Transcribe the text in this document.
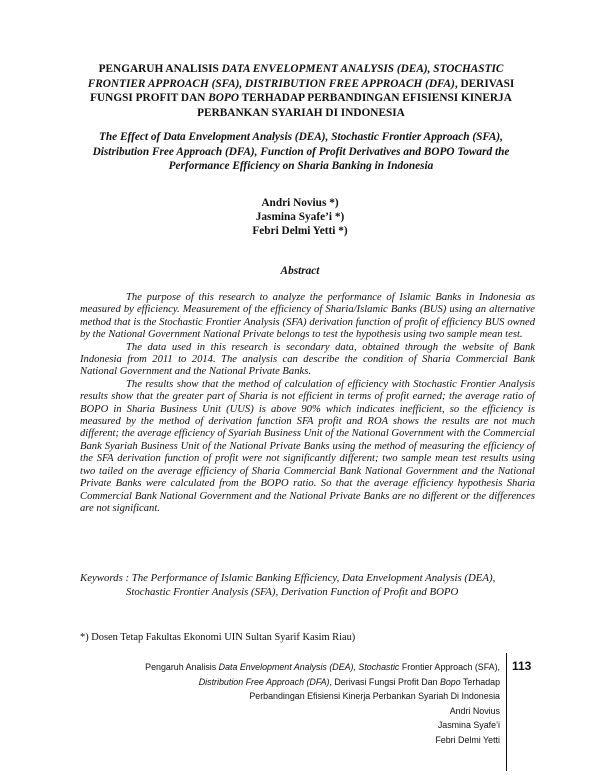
PENGARUH ANALISIS DATA ENVELOPMENT ANALYSIS (DEA), STOCHASTIC FRONTIER APPROACH (SFA), DISTRIBUTION FREE APPROACH (DFA), DERIVASI FUNGSI PROFIT DAN BOPO TERHADAP PERBANDINGAN EFISIENSI KINERJA PERBANKAN SYARIAH DI INDONESIA
The Effect of Data Envelopment Analysis (DEA), Stochastic Frontier Approach (SFA), Distribution Free Approach (DFA), Function of Profit Derivatives and BOPO Toward the Performance Efficiency on Sharia Banking in Indonesia
Andri Novius *)
Jasmina Syafe’i *)
Febri Delmi Yetti *)
Abstract

The purpose of this research to analyze the performance of Islamic Banks in Indonesia as measured by efficiency. Measurement of the efficiency of Sharia/Islamic Banks (BUS) using an alternative method that is the Stochastic Frontier Analysis (SFA) derivation function of profit of efficiency BUS owned by the National Government National Private belongs to test the hypothesis using two sample mean test.

The data used in this research is secondary data, obtained through the website of Bank Indonesia from 2011 to 2014. The analysis can describe the condition of Sharia Commercial Bank National Government and the National Private Banks.

The results show that the method of calculation of efficiency with Stochastic Frontier Analysis results show that the greater part of Sharia is not efficient in terms of profit earned; the average ratio of BOPO in Sharia Business Unit (UUS) is above 90% which indicates inefficient, so the efficiency is measured by the method of derivation function SFA profit and ROA shows the results are not much different; the average efficiency of Syariah Business Unit of the National Government with the Commercial Bank Syariah Business Unit of the National Private Banks using the method of measuring the efficiency of the SFA derivation function of profit were not significantly different; two sample mean test results using two tailed on the average efficiency of Sharia Commercial Bank National Government and the National Private Banks were calculated from the BOPO ratio. So that the average efficiency hypothesis Sharia Commercial Bank National Government and the National Private Banks are no different or the differences are not significant.

Keywords : The Performance of Islamic Banking Efficiency, Data Envelopment Analysis (DEA),
Stochastic Frontier Analysis (SFA), Derivation Function of Profit and BOPO
*) Dosen Tetap Fakultas Ekonomi UIN Sultan Syarif Kasim Riau)
Pengaruh Analisis Data Envelopment Analysis (DEA), Stochastic Frontier Approach (SFA),
Distribution Free Approach (DFA), Derivasi Fungsi Profit Dan Bopo Terhadap
Perbandingan Efisiensi Kinerja Perbankan Syariah Di Indonesia
Andri Novius
Jasmina Syafe’i
Febri Delmi Yetti
113
